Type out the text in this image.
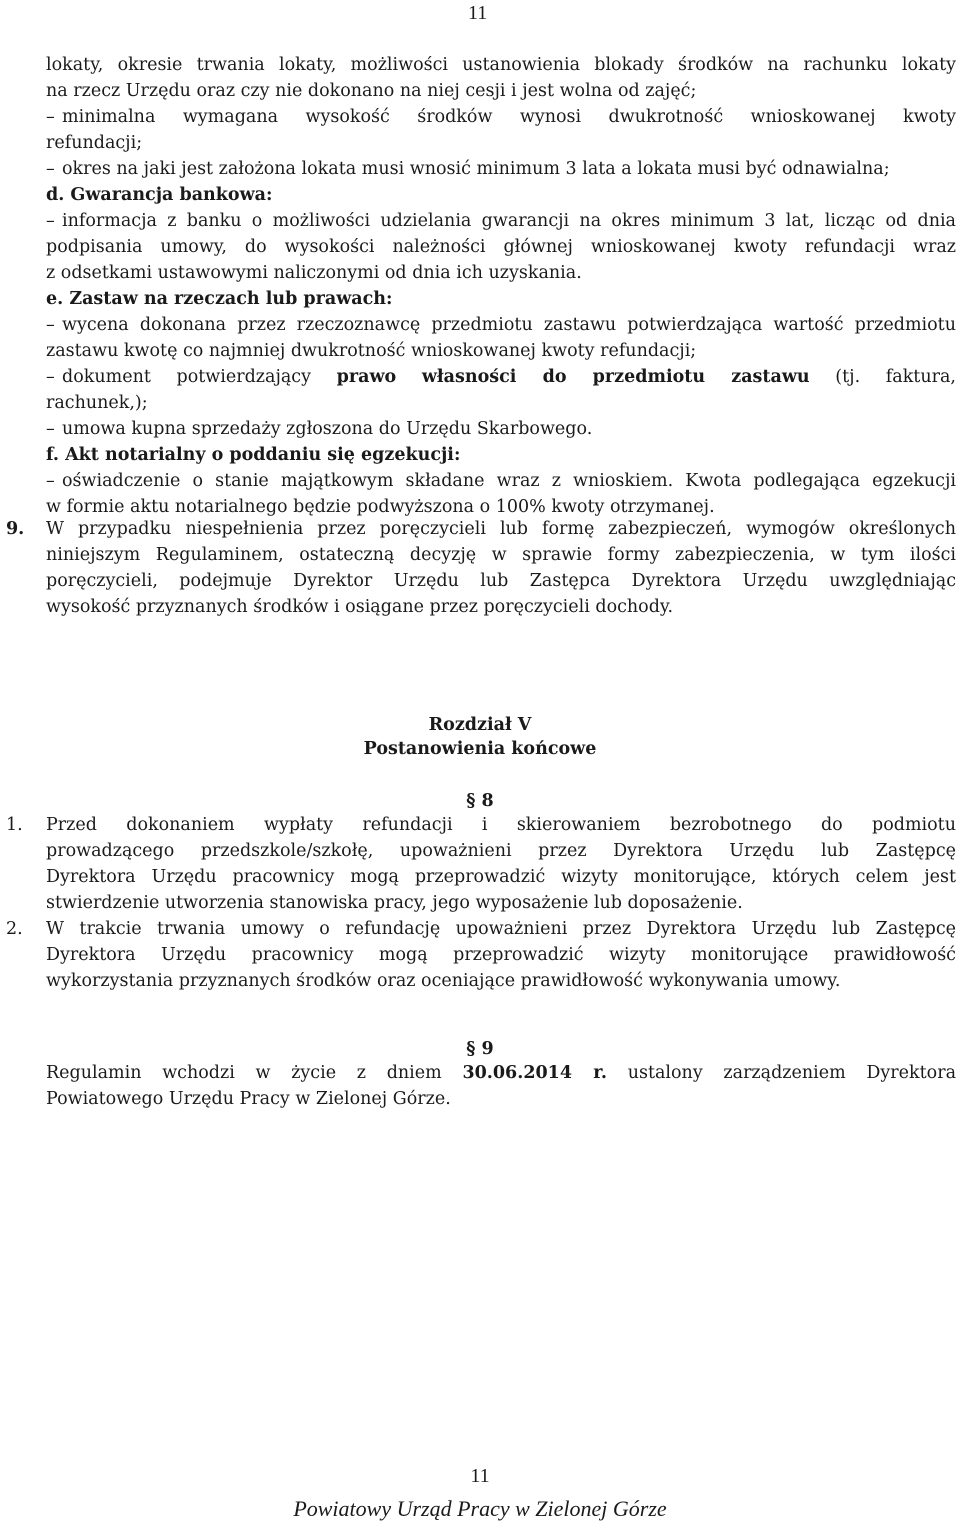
11
lokaty, okresie trwania lokaty, możliwości ustanowienia blokady środków na rachunku lokaty
na rzecz Urzędu oraz czy nie dokonano na niej cesji i jest wolna od zajęć;
– minimalna wymagana wysokość środków wynosi dwukrotność wnioskowanej kwoty
refundacji;
– okres na jaki jest założona lokata musi wnosić minimum 3 lata a lokata musi być odnawialna;
d. Gwarancja bankowa:
– informacja z banku o możliwości udzielania gwarancji na okres minimum 3 lat, licząc od dnia
podpisania umowy, do wysokości należności głównej wnioskowanej kwoty refundacji wraz
z odsetkami ustawowymi naliczonymi od dnia ich uzyskania.
e. Zastaw na rzeczach lub prawach:
– wycena dokonana przez rzeczoznawcę przedmiotu zastawu potwierdzająca wartość przedmiotu
zastawu kwotę co najmniej dwukrotność wnioskowanej kwoty refundacji;
– dokument potwierdzający prawo własności do przedmiotu zastawu (tj. faktura,
rachunek,);
– umowa kupna sprzedaży zgłoszona do Urzędu Skarbowego.
f. Akt notarialny o poddaniu się egzekucji:
– oświadczenie o stanie majątkowym składane wraz z wnioskiem. Kwota podlegająca egzekucji
w formie aktu notarialnego będzie podwyższona o 100% kwoty otrzymanej.
9.	W przypadku niespełnienia przez poręczycieli lub formę zabezpieczeń, wymogów określonych
niniejszym Regulaminem, ostateczną decyzję w sprawie formy zabezpieczenia, w tym ilości
poręczycieli, podejmuje Dyrektor Urzędu lub Zastępca Dyrektora Urzędu uwzględniając
wysokość przyznanych środków i osiągane przez poręczycieli dochody.
Rozdział V
Postanowienia końcowe
§ 8
1.	Przed dokonaniem wypłaty refundacji i skierowaniem bezrobotnego do podmiotu
prowadzącego przedszkole/szkołę, upoważnieni przez Dyrektora Urzędu lub Zastępcę
Dyrektora Urzędu pracownicy mogą przeprowadzić wizyty monitorujące, których celem jest
stwierdzenie utworzenia stanowiska pracy, jego wyposażenie lub doposażenie.
2.	W trakcie trwania umowy o refundację upoważnieni przez Dyrektora Urzędu lub Zastępcę
Dyrektora Urzędu pracownicy mogą przeprowadzić wizyty monitorujące prawidłowość
wykorzystania przyznanych środków oraz oceniające prawidłowość wykonywania umowy.
§ 9
Regulamin wchodzi w życie z dniem 30.06.2014 r. ustalony zarządzeniem Dyrektora
Powiatowego Urzędu Pracy w Zielonej Górze.
11
Powiatowy Urząd Pracy w Zielonej Górze
